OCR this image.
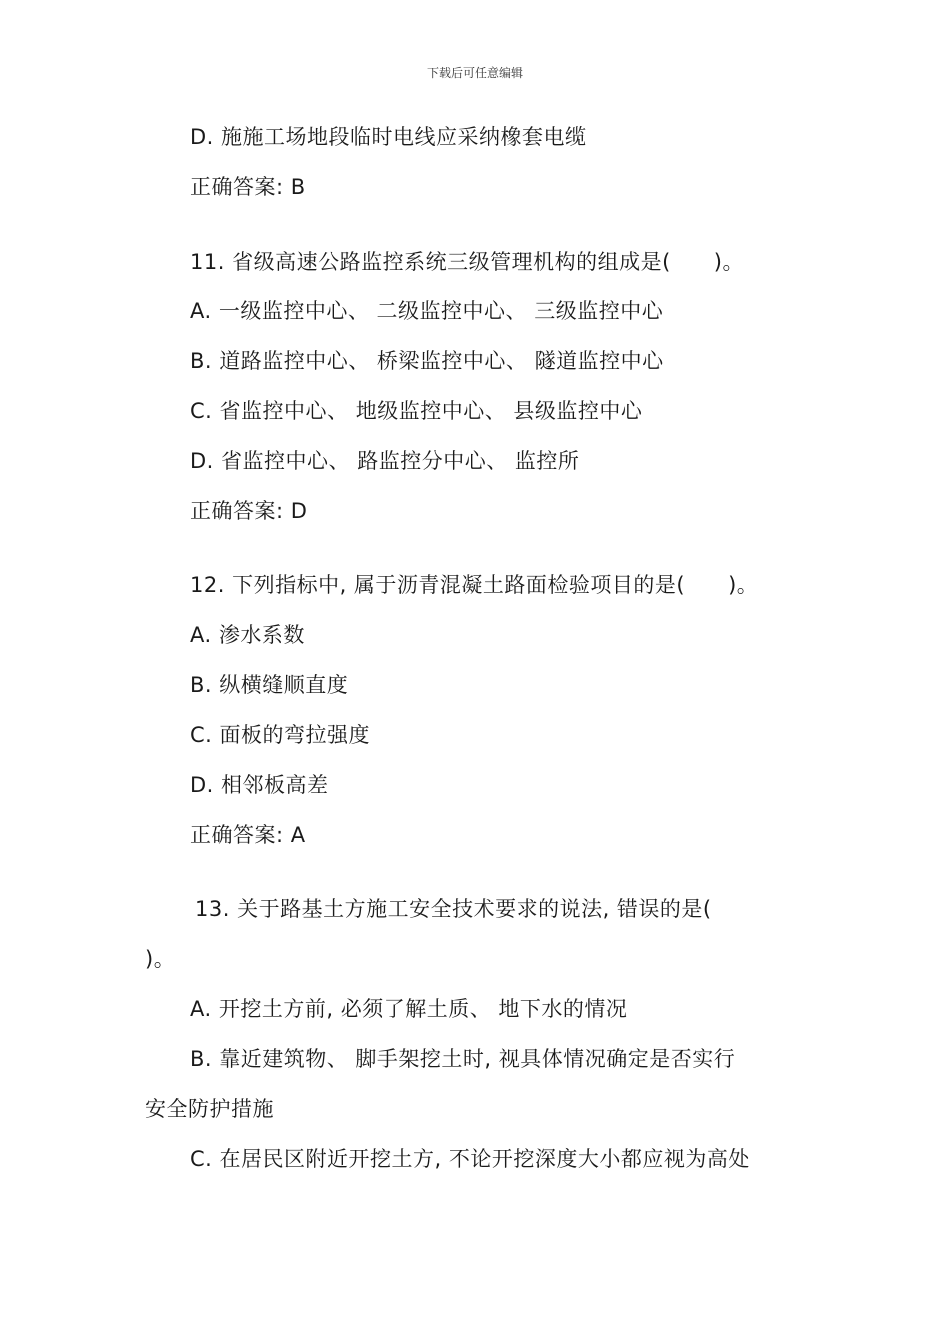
下载后可任意编辑
D. 施施工场地段临时电线应采纳橡套电缆
正确答案: B
11. 省级高速公路监控系统三级管理机构的组成是(　　)。
A. 一级监控中心、 二级监控中心、 三级监控中心
B. 道路监控中心、 桥梁监控中心、 隧道监控中心
C. 省监控中心、 地级监控中心、 县级监控中心
D. 省监控中心、 路监控分中心、 监控所
正确答案: D
12. 下列指标中, 属于沥青混凝土路面检验项目的是(　　)。
A. 渗水系数
B. 纵横缝顺直度
C. 面板的弯拉强度
D. 相邻板高差
正确答案: A
13. 关于路基土方施工安全技术要求的说法, 错误的是(
)。
A. 开挖土方前, 必须了解土质、 地下水的情况
B. 靠近建筑物、 脚手架挖土时, 视具体情况确定是否实行
安全防护措施
C. 在居民区附近开挖土方, 不论开挖深度大小都应视为高处
